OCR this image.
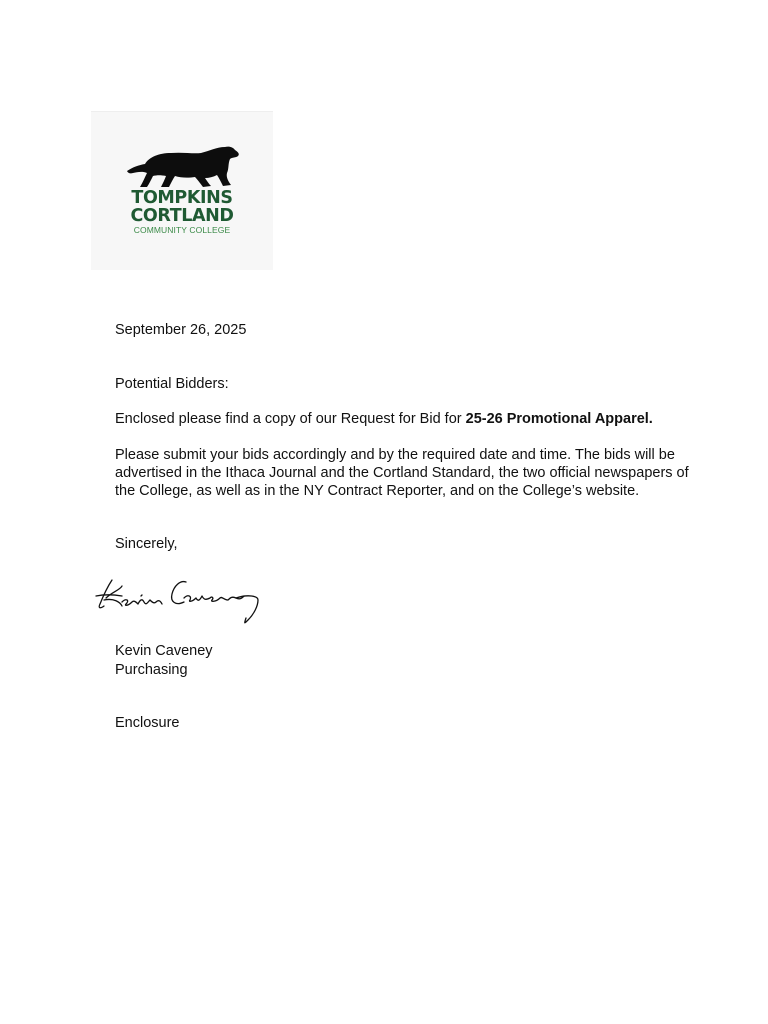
TOMPKINS
CORTLAND
COMMUNITY COLLEGE
September 26, 2025
Potential Bidders:
Enclosed please find a copy of our Request for Bid for 25-26 Promotional Apparel.
Please submit your bids accordingly and by the required date and time. The bids will be advertised in the Ithaca Journal and the Cortland Standard, the two official newspapers of the College, as well as in the NY Contract Reporter, and on the College’s website.
Sincerely,
Kevin Caveney
Purchasing
Enclosure
